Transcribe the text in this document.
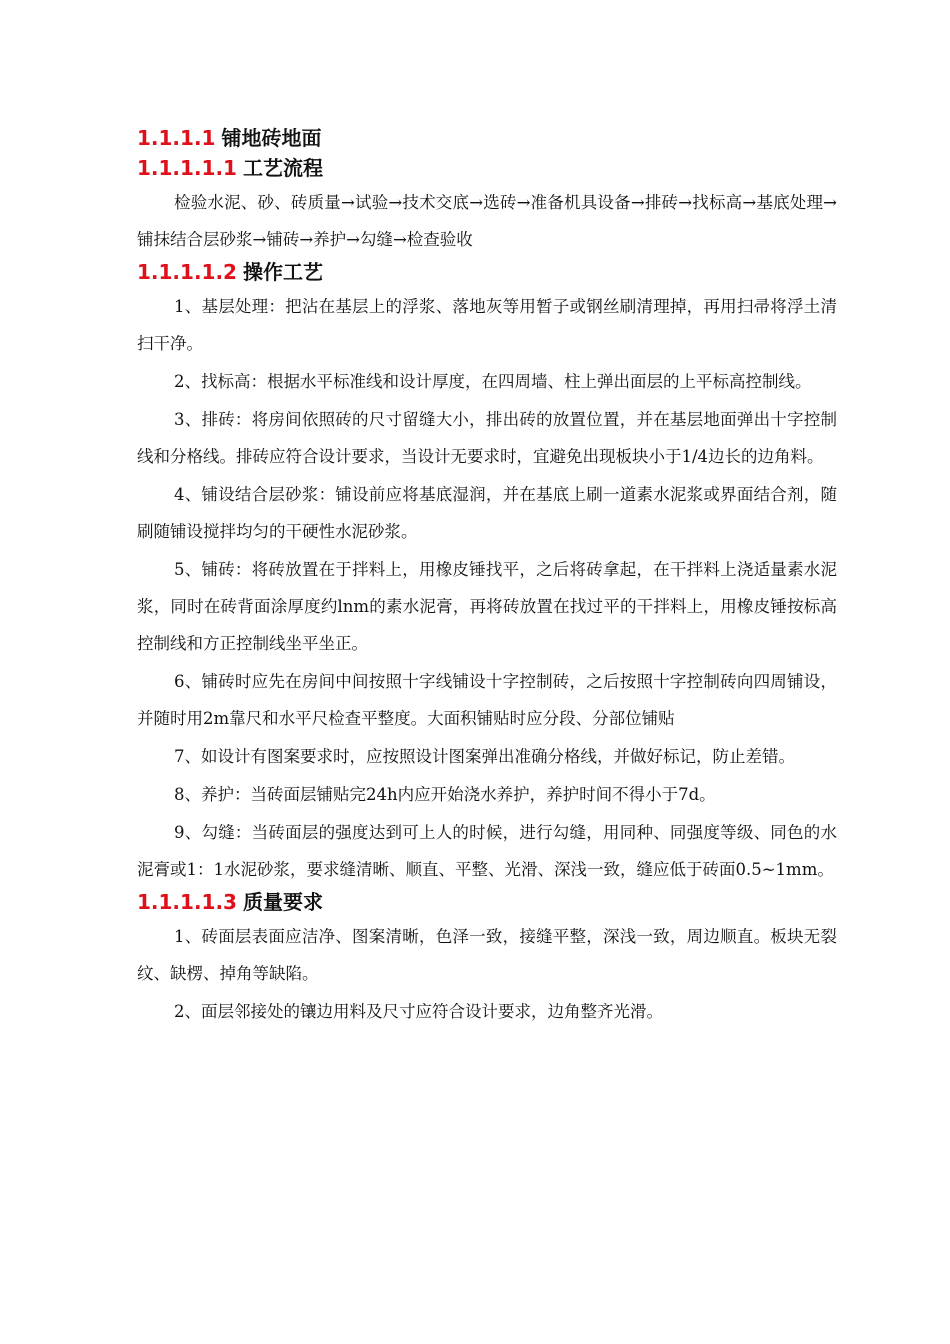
1.1.1.1 铺地砖地面
1.1.1.1.1 工艺流程

检验水泥、砂、砖质量→试验→技术交底→选砖→准备机具设备→排砖→找标高→基底处理→铺抹结合层砂浆→铺砖→养护→勾缝→检查验收

1.1.1.1.2 操作工艺

1、基层处理：把沾在基层上的浮浆、落地灰等用暂子或钢丝刷清理掉，再用扫帚将浮土清扫干净。

2、找标高：根据水平标准线和设计厚度，在四周墙、柱上弹出面层的上平标高控制线。

3、排砖：将房间依照砖的尺寸留缝大小，排出砖的放置位置，并在基层地面弹出十字控制线和分格线。排砖应符合设计要求，当设计无要求时，宜避免出现板块小于1/4边长的边角料。

4、铺设结合层砂浆：铺设前应将基底湿润，并在基底上刷一道素水泥浆或界面结合剂，随刷随铺设搅拌均匀的干硬性水泥砂浆。

5、铺砖：将砖放置在于拌料上，用橡皮锤找平，之后将砖拿起，在干拌料上浇适量素水泥浆，同时在砖背面涂厚度约lnm的素水泥膏，再将砖放置在找过平的干拌料上，用橡皮锤按标高控制线和方正控制线坐平坐正。

6、铺砖时应先在房间中间按照十字线铺设十字控制砖，之后按照十字控制砖向四周铺设，并随时用2m靠尺和水平尺检查平整度。大面积铺贴时应分段、分部位铺贴

7、如设计有图案要求时，应按照设计图案弹出准确分格线，并做好标记，防止差错。

8、养护：当砖面层铺贴完24h内应开始浇水养护，养护时间不得小于7d。

9、勾缝：当砖面层的强度达到可上人的时候，进行勾缝，用同种、同强度等级、同色的水泥膏或1：1水泥砂浆，要求缝清晰、顺直、平整、光滑、深浅一致，缝应低于砖面0.5~1mm。

1.1.1.1.3 质量要求

1、砖面层表面应洁净、图案清晰，色泽一致，接缝平整，深浅一致，周边顺直。板块无裂纹、缺楞、掉角等缺陷。

2、面层邻接处的镶边用料及尺寸应符合设计要求，边角整齐光滑。
